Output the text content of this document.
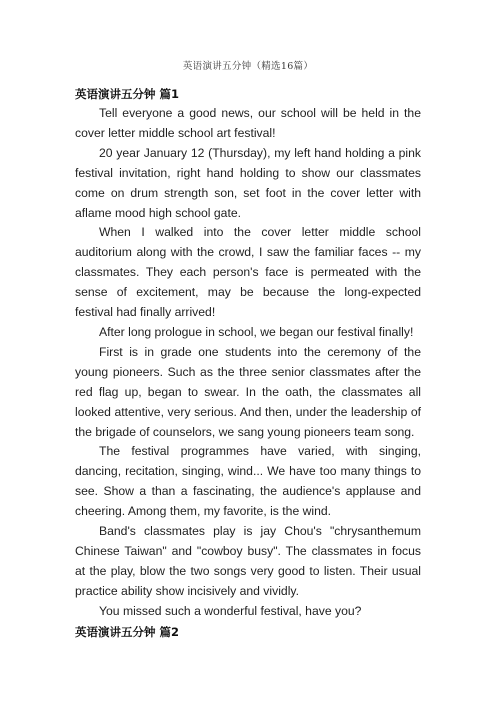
英语演讲五分钟（精选16篇）
英语演讲五分钟 篇1

Tell everyone a good news, our school will be held in the cover letter middle school art festival!

20 year January 12 (Thursday), my left hand holding a pink festival invitation, right hand holding to show our classmates come on drum strength son, set foot in the cover letter with aflame mood high school gate.

When I walked into the cover letter middle school auditorium along with the crowd, I saw the familiar faces -- my classmates. They each person's face is permeated with the sense of excitement, may be because the long-expected festival had finally arrived!

After long prologue in school, we began our festival finally!

First is in grade one students into the ceremony of the young pioneers. Such as the three senior classmates after the red flag up, began to swear. In the oath, the classmates all looked attentive, very serious. And then, under the leadership of the brigade of counselors, we sang young pioneers team song.

The festival programmes have varied, with singing, dancing, recitation, singing, wind... We have too many things to see. Show a than a fascinating, the audience's applause and cheering. Among them, my favorite, is the wind.

Band's classmates play is jay Chou's "chrysanthemum Chinese Taiwan" and "cowboy busy". The classmates in focus at the play, blow the two songs very good to listen. Their usual practice ability show incisively and vividly.

You missed such a wonderful festival, have you?

英语演讲五分钟 篇2
